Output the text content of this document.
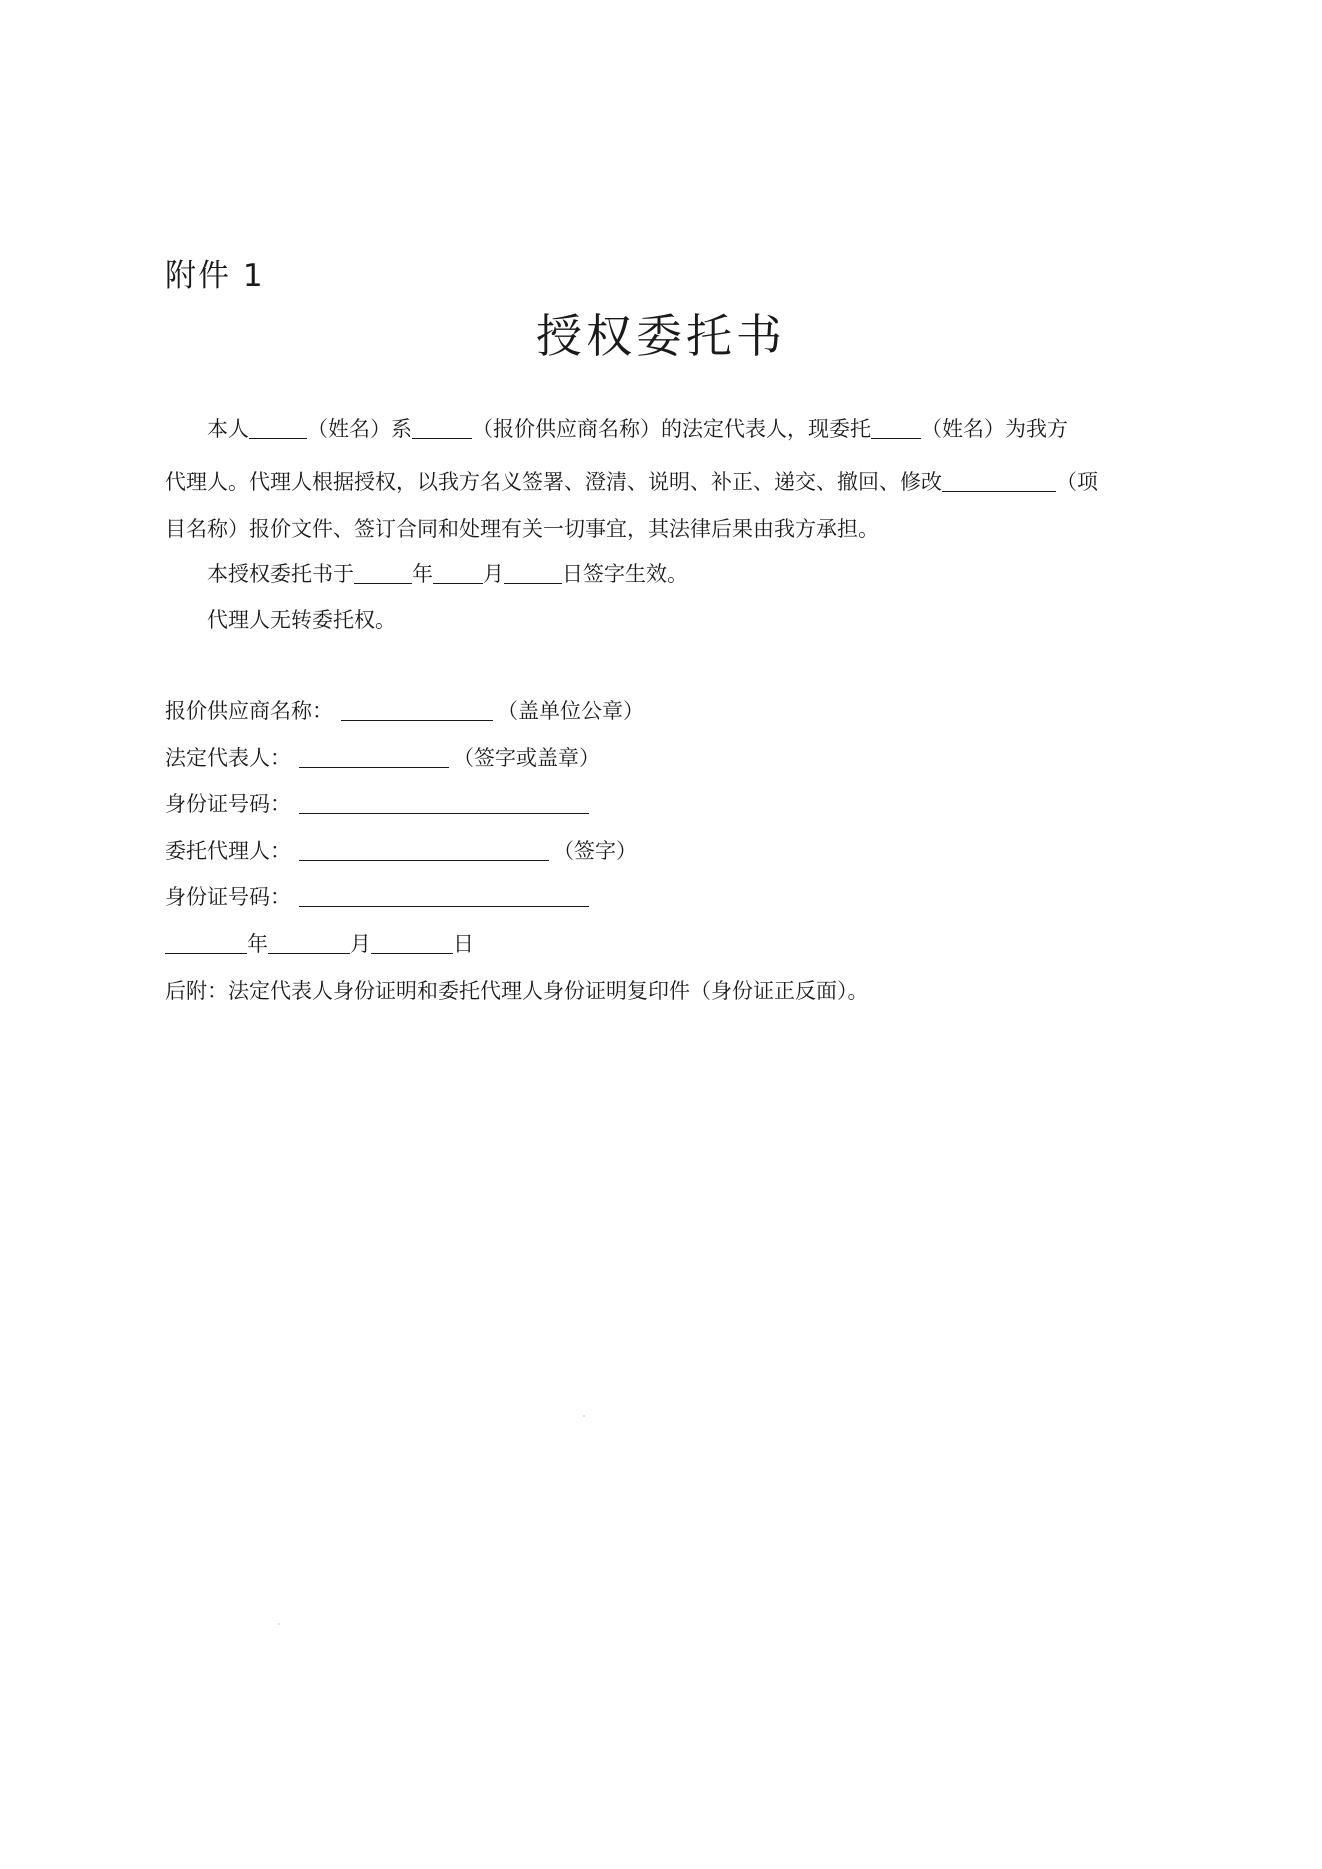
附件 1
授权委托书
本人	（姓名）系	（报价供应商名称）的法定代表人，现委托 （姓名）为我方
代理人。代理人根据授权，以我方名义签署、澄清、说明、补正、递交、撤回、修改	（项
目名称）报价文件、签订合同和处理有关一切事宜，其法律后果由我方承担。
本授权委托书于	年 月	日签字生效。
代理人无转委托权。
报价供应商名称：	（盖单位公章）
法定代表人：	（签字或盖章）
身份证号码：
委托代理人：	（签字）
身份证号码：
年	月	日
后附：法定代表人身份证明和委托代理人身份证明复印件（身份证正反面）。
